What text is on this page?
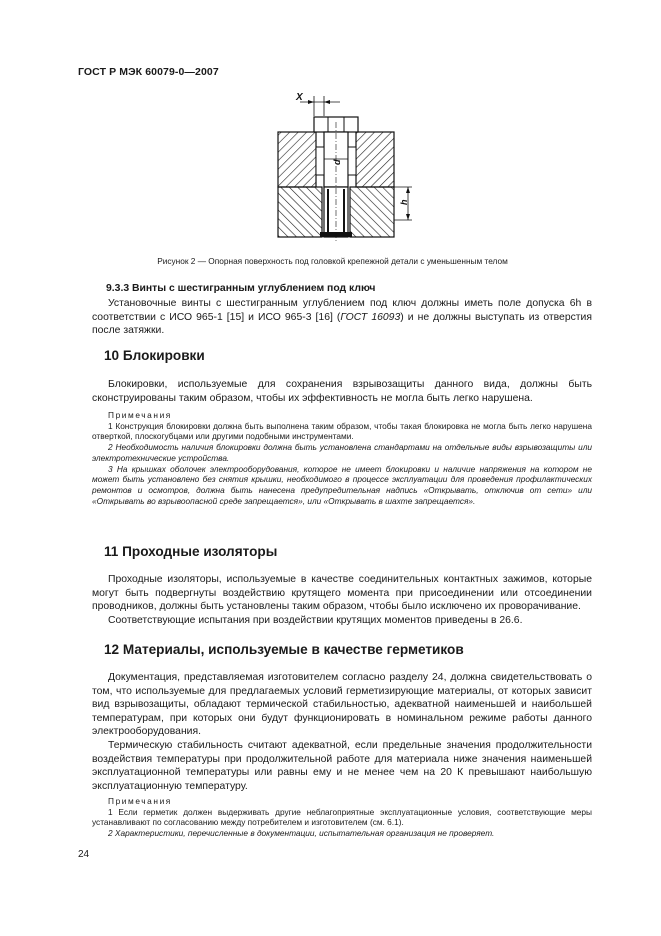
ГОСТ Р МЭК 60079-0—2007
X
d
h
Рисунок 2 — Опорная поверхность под головкой крепежной детали с уменьшенным телом
9.3.3 Винты с шестигранным углублением под ключ

Установочные винты с шестигранным углублением под ключ должны иметь поле допуска 6h в соответствии с ИСО 965-1 [15] и ИСО 965-3 [16] (ГОСТ 16093) и не должны выступать из отверстия после затяжки.

10 Блокировки

Блокировки, используемые для сохранения взрывозащиты данного вида, должны быть сконструированы таким образом, чтобы их эффективность не могла быть легко нарушена.

Примечания

1 Конструкция блокировки должна быть выполнена таким образом, чтобы такая блокировка не могла быть легко нарушена отверткой, плоскогубцами или другими подобными инструментами.

2 Необходимость наличия блокировки должна быть установлена стандартами на отдельные виды взрывозащиты или электротехнические устройства.

3 На крышках оболочек электрооборудования, которое не имеет блокировки и наличие напряжения на котором не может быть установлено без снятия крышки, необходимого в процессе эксплуатации для проведения профилактических ремонтов и осмотров, должна быть нанесена предупредительная надпись «Открывать, отключив от сети» или «Открывать во взрывоопасной среде запрещается», или «Открывать в шахте запрещается».

11 Проходные изоляторы

Проходные изоляторы, используемые в качестве соединительных контактных зажимов, которые могут быть подвергнуты воздействию крутящего момента при присоединении или отсоединении проводников, должны быть установлены таким образом, чтобы было исключено их проворачивание.

Соответствующие испытания при воздействии крутящих моментов приведены в 26.6.

12 Материалы, используемые в качестве герметиков

Документация, представляемая изготовителем согласно разделу 24, должна свидетельствовать о том, что используемые для предлагаемых условий герметизирующие материалы, от которых зависит вид взрывозащиты, обладают термической стабильностью, адекватной наименьшей и наибольшей температурам, при которых они будут функционировать в номинальном режиме работы данного электрооборудования.

Термическую стабильность считают адекватной, если предельные значения продолжительности воздействия температуры при продолжительной работе для материала ниже значения наименьшей эксплуатационной температуры или равны ему и не менее чем на 20 К превышают наибольшую эксплуатационную температуру.

Примечания

1 Если герметик должен выдерживать другие неблагоприятные эксплуатационные условия, соответствующие меры устанавливают по согласованию между потребителем и изготовителем (см. 6.1).

2 Характеристики, перечисленные в документации, испытательная организация не проверяет.

24
